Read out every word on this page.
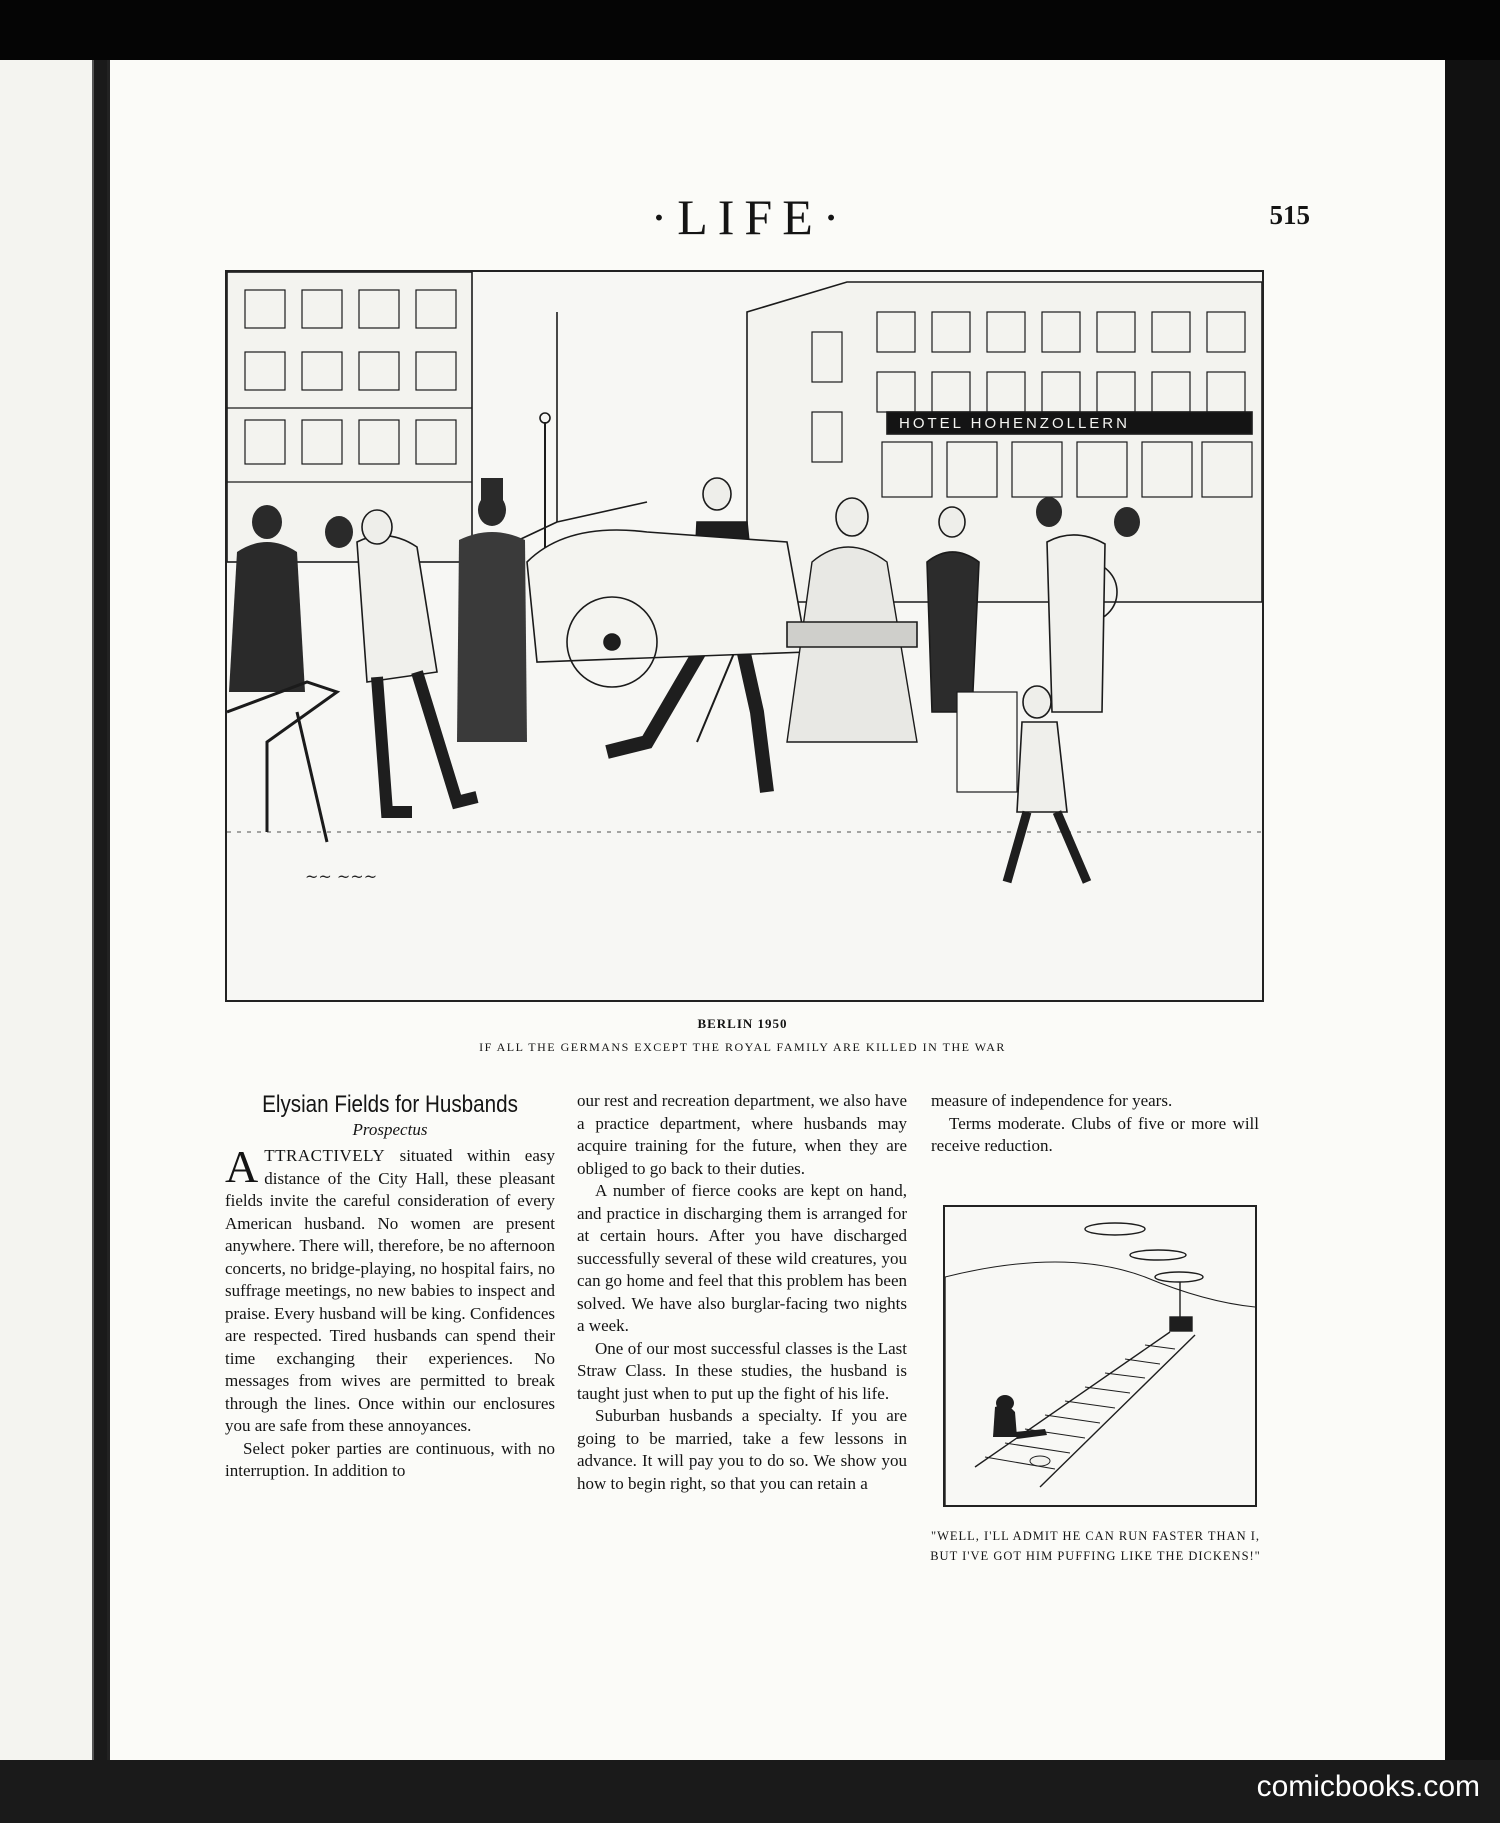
·LIFE·	515
~~ ~~~
HOTEL HOHENZOLLERN
BERLIN 1950
IF ALL THE GERMANS EXCEPT THE ROYAL FAMILY ARE KILLED IN THE WAR
Elysian Fields for Husbands
Prospectus

ATTRACTIVELY situated within easy distance of the City Hall, these pleasant fields invite the careful consideration of every American husband. No women are present anywhere. There will, therefore, be no afternoon concerts, no bridge-playing, no hospital fairs, no suffrage meetings, no new babies to inspect and praise. Every husband will be king. Confidences are respected. Tired husbands can spend their time exchanging their experiences. No messages from wives are permitted to break through the lines. Once within our enclosures you are safe from these annoyances.

Select poker parties are continuous, with no interruption. In addition to

our rest and recreation department, we also have a practice department, where husbands may acquire training for the future, when they are obliged to go back to their duties.

A number of fierce cooks are kept on hand, and practice in discharging them is arranged for at certain hours. After you have discharged successfully several of these wild creatures, you can go home and feel that this problem has been solved. We have also burglar-facing two nights a week.

One of our most successful classes is the Last Straw Class. In these studies, the husband is taught just when to put up the fight of his life.

Suburban husbands a specialty. If you are going to be married, take a few lessons in advance. It will pay you to do so. We show you how to begin right, so that you can retain a

measure of independence for years.

Terms moderate. Clubs of five or more will receive reduction.

"WELL, I'LL ADMIT HE CAN RUN FASTER THAN I, BUT I'VE GOT HIM PUFFING LIKE THE DICKENS!"
comicbooks.com
